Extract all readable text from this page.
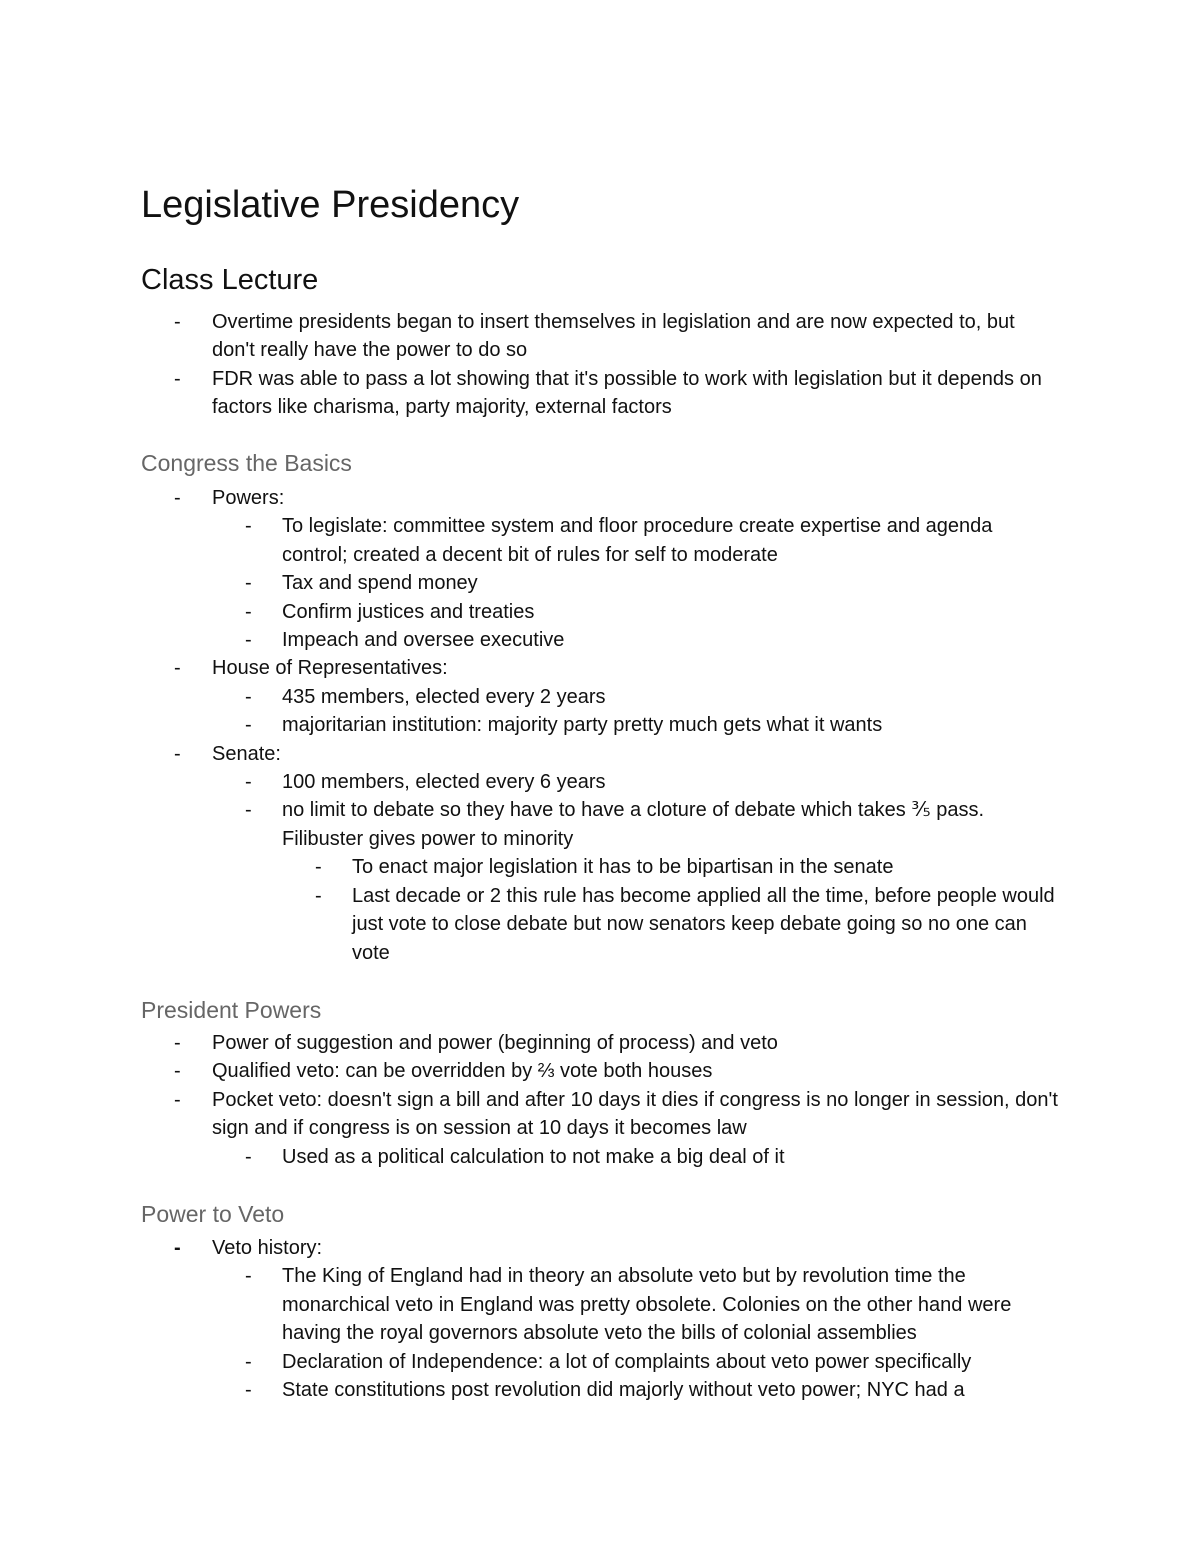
Legislative Presidency
Class Lecture
-	Overtime presidents began to insert themselves in legislation and are now expected to, but don't really have the power to do so
-	FDR was able to pass a lot showing that it's possible to work with legislation but it depends on factors like charisma, party majority, external factors
Congress the Basics
-	Powers:
-	To legislate: committee system and floor procedure create expertise and agenda control; created a decent bit of rules for self to moderate
-	Tax and spend money
-	Confirm justices and treaties
-	Impeach and oversee executive
-	House of Representatives:
-	435 members, elected every 2 years
-	majoritarian institution: majority party pretty much gets what it wants
-	Senate:
-	100 members, elected every 6 years
-	no limit to debate so they have to have a cloture of debate which takes ⅗ pass. Filibuster gives power to minority
-	To enact major legislation it has to be bipartisan in the senate
-	Last decade or 2 this rule has become applied all the time, before people would just vote to close debate but now senators keep debate going so no one can vote
President Powers
-	Power of suggestion and power (beginning of process) and veto
-	Qualified veto: can be overridden by ⅔ vote both houses
-	Pocket veto: doesn't sign a bill and after 10 days it dies if congress is no longer in session, don't sign and if congress is on session at 10 days it becomes law
-	Used as a political calculation to not make a big deal of it
Power to Veto
-	Veto history:
-	The King of England had in theory an absolute veto but by revolution time the monarchical veto in England was pretty obsolete. Colonies on the other hand were having the royal governors absolute veto the bills of colonial assemblies
-	Declaration of Independence: a lot of complaints about veto power specifically
-	State constitutions post revolution did majorly without veto power; NYC had a
